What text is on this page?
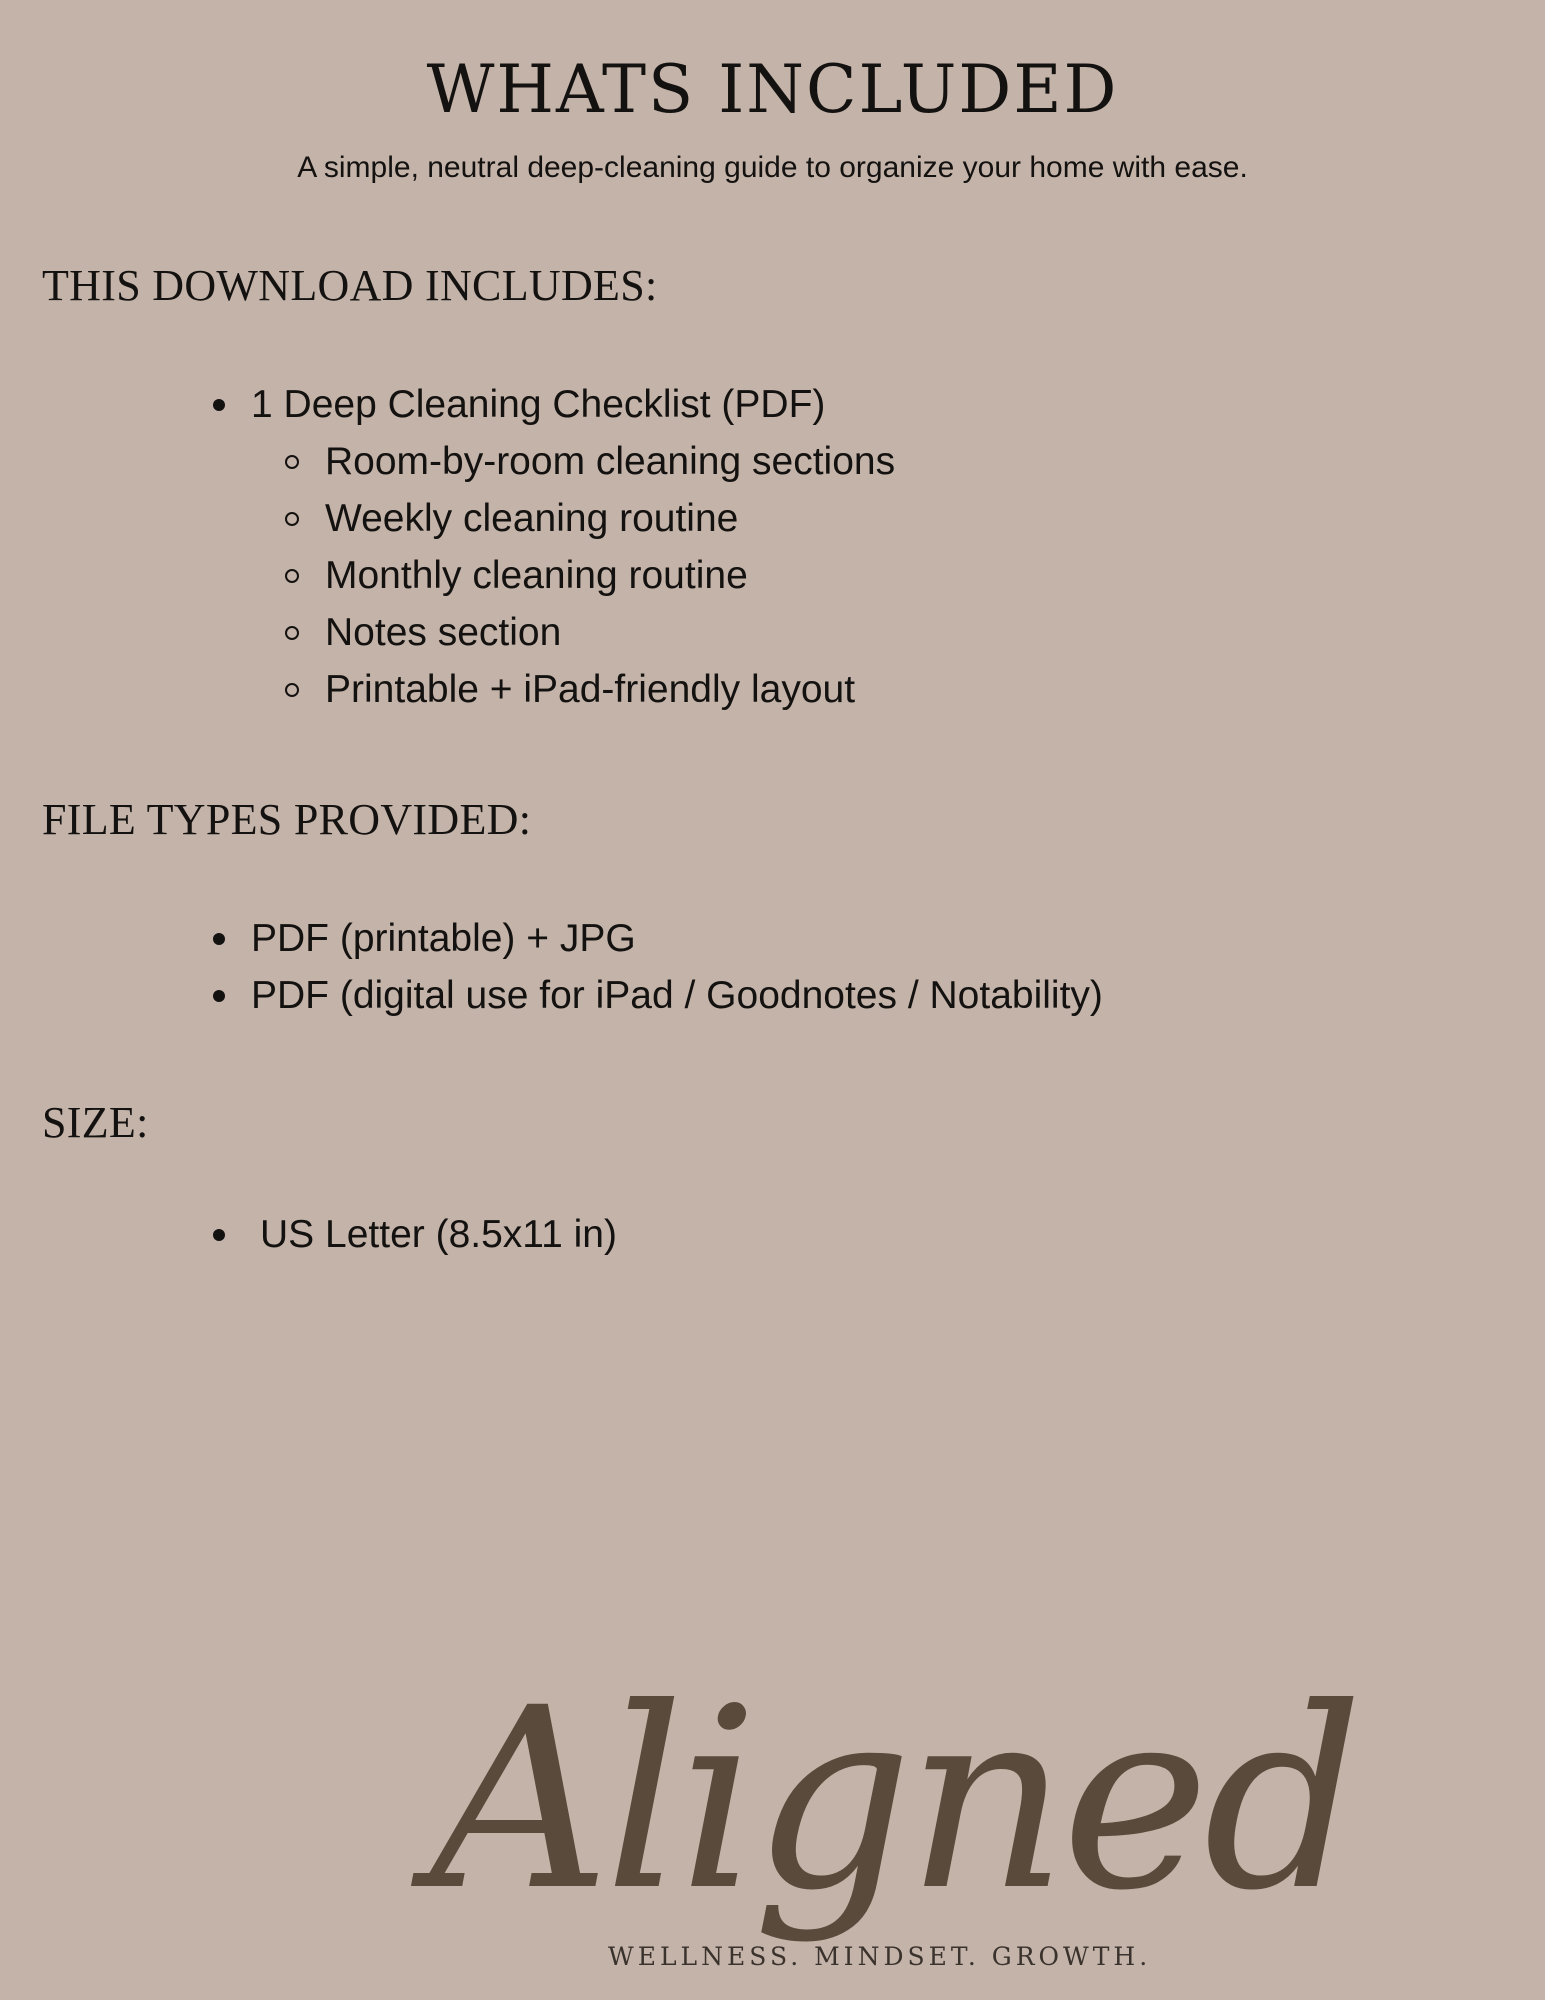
WHATS INCLUDED

A simple, neutral deep-cleaning guide to organize your home with ease.

THIS DOWNLOAD INCLUDES:
1 Deep Cleaning Checklist (PDF)
Room-by-room cleaning sections
Weekly cleaning routine
Monthly cleaning routine
Notes section
Printable + iPad-friendly layout
FILE TYPES PROVIDED:
PDF (printable) + JPG
PDF (digital use for iPad / Goodnotes / Notability)
SIZE:
US Letter (8.5x11 in)

Aligned

WELLNESS. MINDSET. GROWTH.
